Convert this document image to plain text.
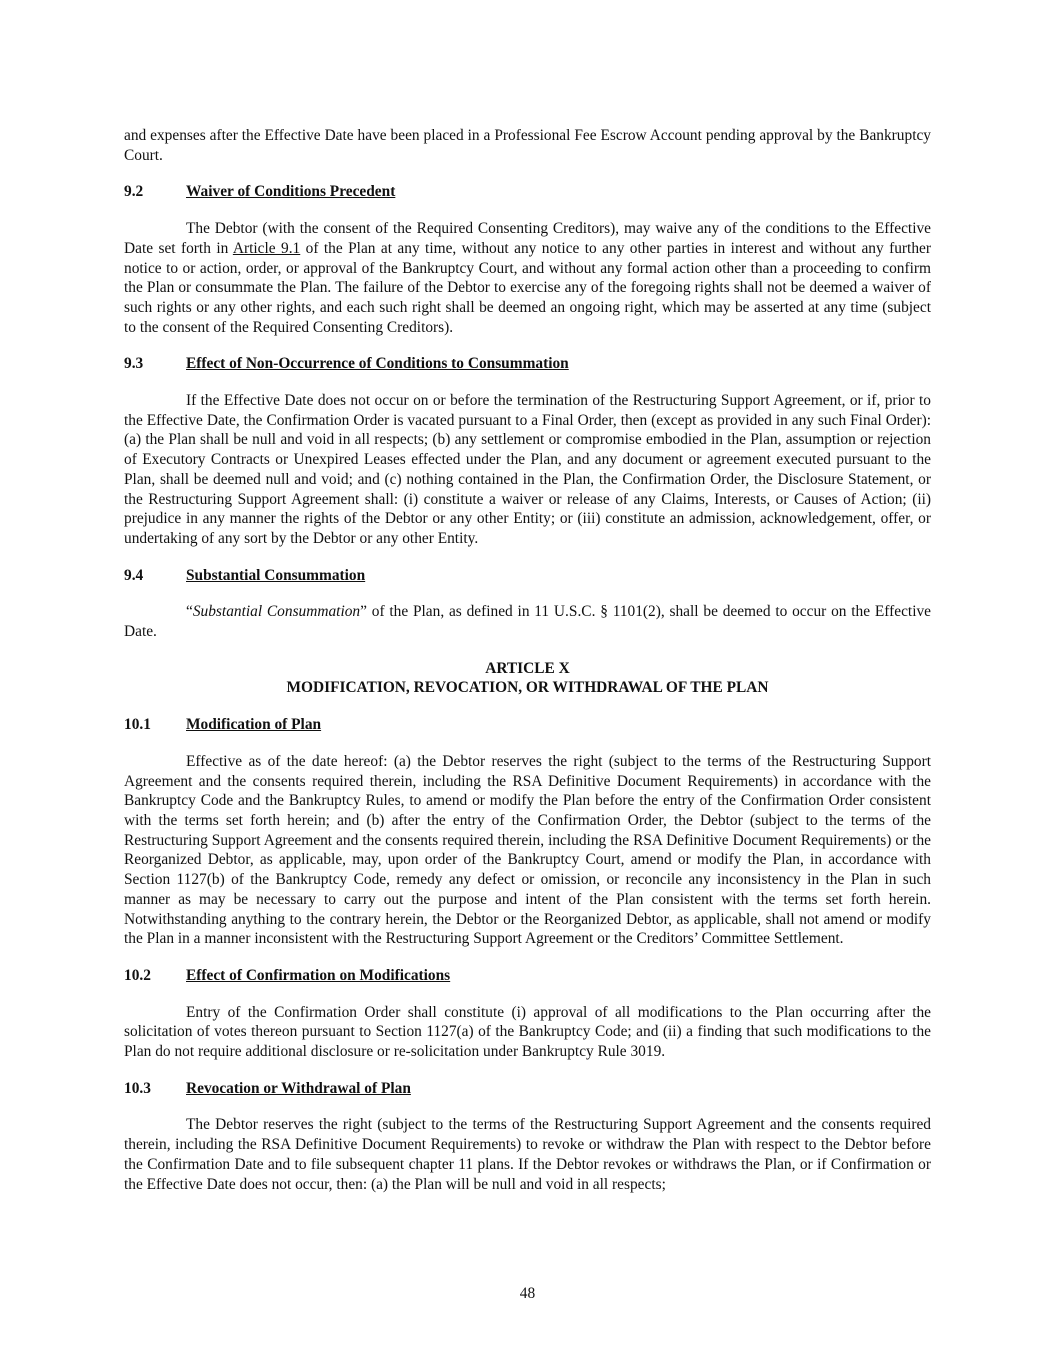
and expenses after the Effective Date have been placed in a Professional Fee Escrow Account pending approval by the Bankruptcy Court.

9.2	Waiver of Conditions Precedent

The Debtor (with the consent of the Required Consenting Creditors), may waive any of the conditions to the Effective Date set forth in Article 9.1 of the Plan at any time, without any notice to any other parties in interest and without any further notice to or action, order, or approval of the Bankruptcy Court, and without any formal action other than a proceeding to confirm the Plan or consummate the Plan. The failure of the Debtor to exercise any of the foregoing rights shall not be deemed a waiver of such rights or any other rights, and each such right shall be deemed an ongoing right, which may be asserted at any time (subject to the consent of the Required Consenting Creditors).

9.3	Effect of Non-Occurrence of Conditions to Consummation

If the Effective Date does not occur on or before the termination of the Restructuring Support Agreement, or if, prior to the Effective Date, the Confirmation Order is vacated pursuant to a Final Order, then (except as provided in any such Final Order): (a) the Plan shall be null and void in all respects; (b) any settlement or compromise embodied in the Plan, assumption or rejection of Executory Contracts or Unexpired Leases effected under the Plan, and any document or agreement executed pursuant to the Plan, shall be deemed null and void; and (c) nothing contained in the Plan, the Confirmation Order, the Disclosure Statement, or the Restructuring Support Agreement shall: (i) constitute a waiver or release of any Claims, Interests, or Causes of Action; (ii) prejudice in any manner the rights of the Debtor or any other Entity; or (iii) constitute an admission, acknowledgement, offer, or undertaking of any sort by the Debtor or any other Entity.

9.4	Substantial Consummation

“Substantial Consummation” of the Plan, as defined in 11 U.S.C. § 1101(2), shall be deemed to occur on the Effective Date.

ARTICLE X
MODIFICATION, REVOCATION, OR WITHDRAWAL OF THE PLAN
10.1	Modification of Plan

Effective as of the date hereof: (a) the Debtor reserves the right (subject to the terms of the Restructuring Support Agreement and the consents required therein, including the RSA Definitive Document Requirements) in accordance with the Bankruptcy Code and the Bankruptcy Rules, to amend or modify the Plan before the entry of the Confirmation Order consistent with the terms set forth herein; and (b) after the entry of the Confirmation Order, the Debtor (subject to the terms of the Restructuring Support Agreement and the consents required therein, including the RSA Definitive Document Requirements) or the Reorganized Debtor, as applicable, may, upon order of the Bankruptcy Court, amend or modify the Plan, in accordance with Section 1127(b) of the Bankruptcy Code, remedy any defect or omission, or reconcile any inconsistency in the Plan in such manner as may be necessary to carry out the purpose and intent of the Plan consistent with the terms set forth herein. Notwithstanding anything to the contrary herein, the Debtor or the Reorganized Debtor, as applicable, shall not amend or modify the Plan in a manner inconsistent with the Restructuring Support Agreement or the Creditors’ Committee Settlement.

10.2	Effect of Confirmation on Modifications

Entry of the Confirmation Order shall constitute (i) approval of all modifications to the Plan occurring after the solicitation of votes thereon pursuant to Section 1127(a) of the Bankruptcy Code; and (ii) a finding that such modifications to the Plan do not require additional disclosure or re-solicitation under Bankruptcy Rule 3019.

10.3	Revocation or Withdrawal of Plan

The Debtor reserves the right (subject to the terms of the Restructuring Support Agreement and the consents required therein, including the RSA Definitive Document Requirements) to revoke or withdraw the Plan with respect to the Debtor before the Confirmation Date and to file subsequent chapter 11 plans. If the Debtor revokes or withdraws the Plan, or if Confirmation or the Effective Date does not occur, then: (a) the Plan will be null and void in all respects;

48
